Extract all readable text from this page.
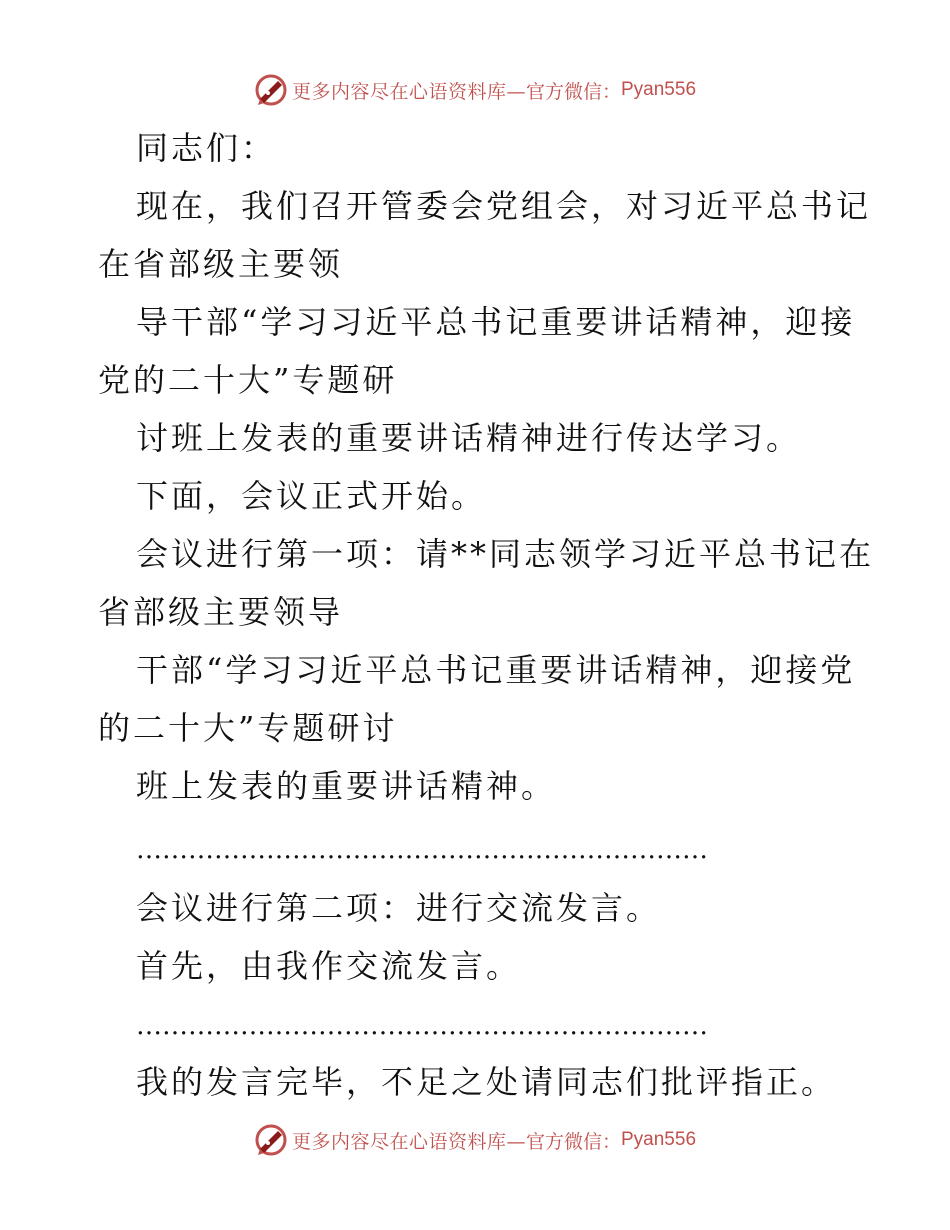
更多内容尽在心语资料库— 官方微信： Pyan556
同志们：
现在，我们召开管委会党组会，对习近平总书记
在省部级主要领
导干部“学习习近平总书记重要讲话精神，迎接
党的二十大”专题研
讨班上发表的重要讲话精神进行传达学习。
下面，会议正式开始。
会议进行第一项：请**同志领学习近平总书记在
省部级主要领导
干部“学习习近平总书记重要讲话精神，迎接党
的二十大”专题研讨
班上发表的重要讲话精神。
…………………………………………………………
会议进行第二项：进行交流发言。
首先，由我作交流发言。
…………………………………………………………
我的发言完毕，不足之处请同志们批评指正。
更多内容尽在心语资料库— 官方微信： Pyan556
